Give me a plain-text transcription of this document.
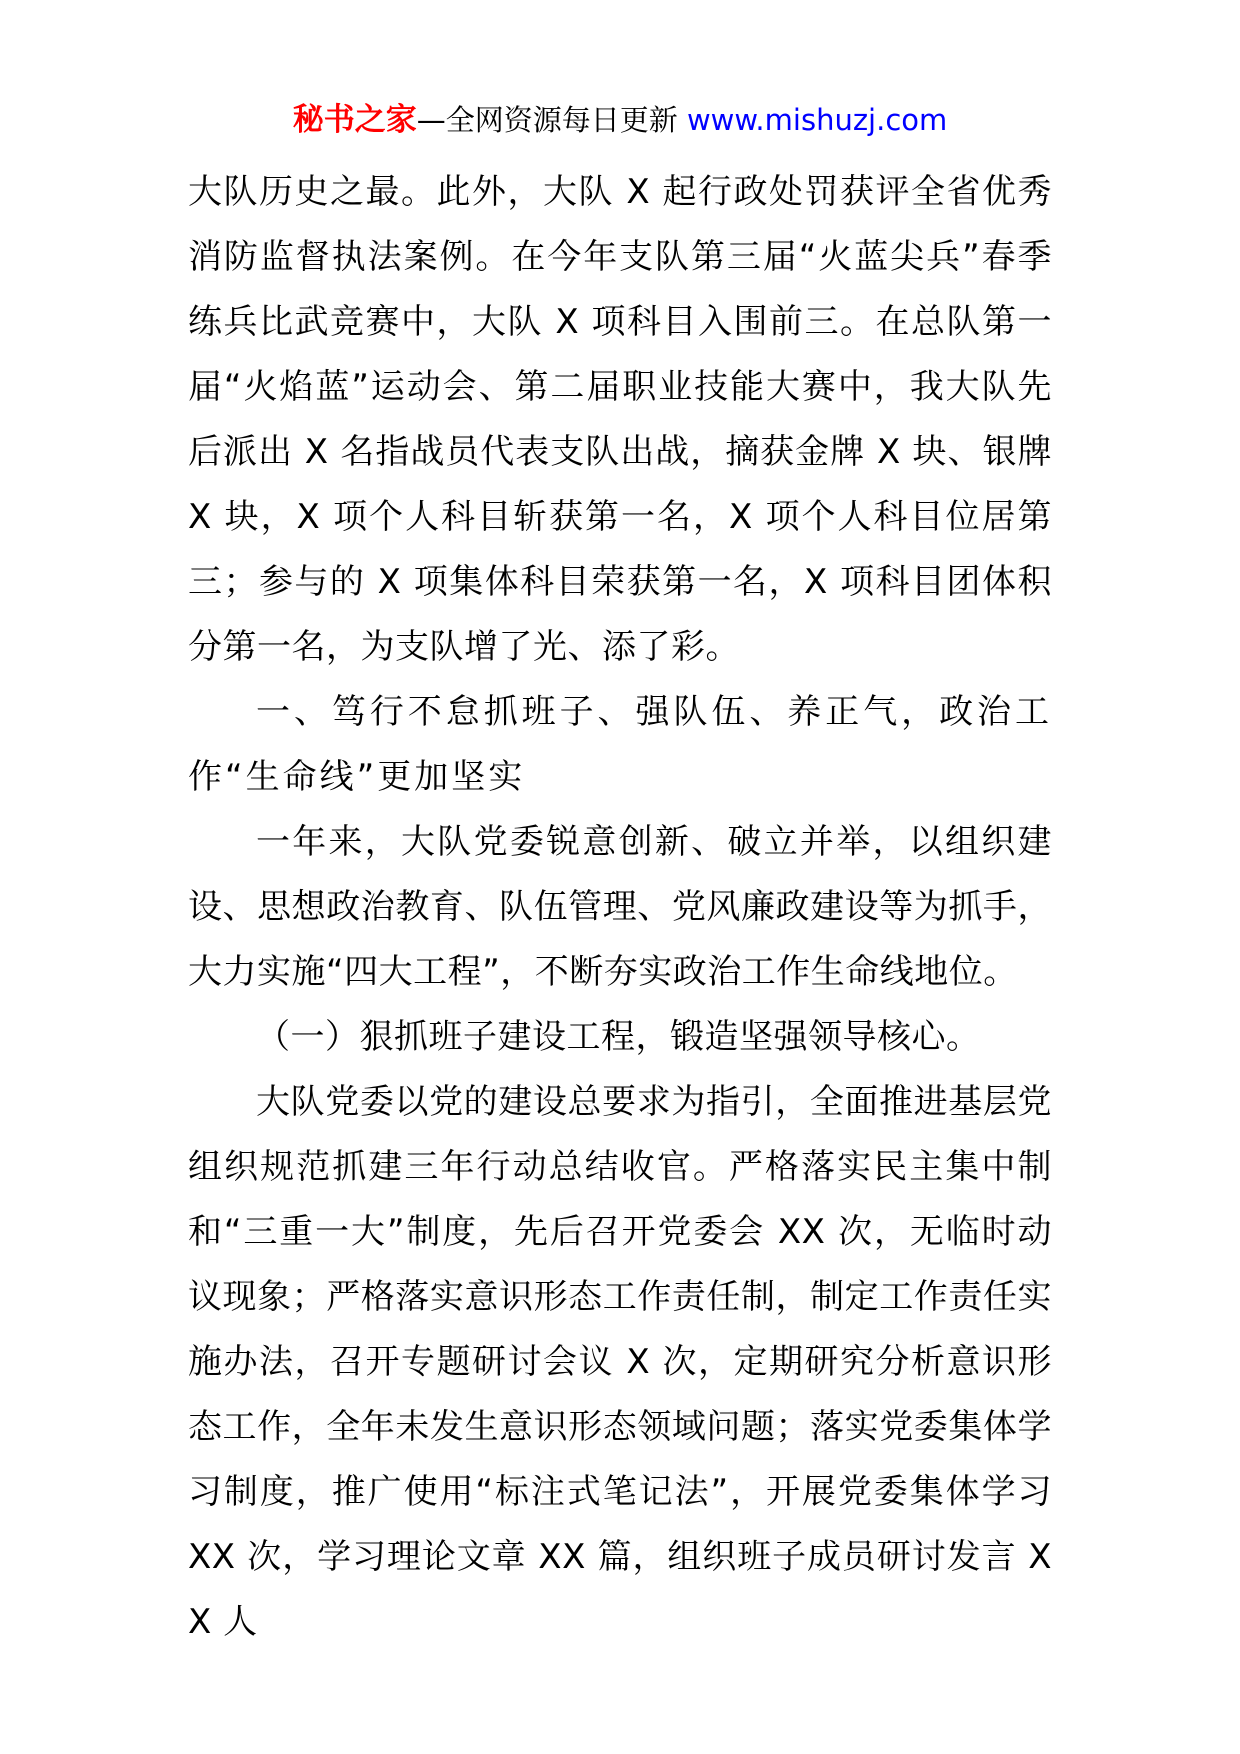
秘书之家—全网资源每日更新 www.mishuzj.com

大队历史之最。此外，大队 X 起行政处罚获评全省优秀消防监督执法案例。在今年支队第三届“火蓝尖兵”春季练兵比武竞赛中，大队 X 项科目入围前三。在总队第一届“火焰蓝”运动会、第二届职业技能大赛中，我大队先后派出 X 名指战员代表支队出战，摘获金牌 X 块、银牌 X 块，X 项个人科目斩获第一名，X 项个人科目位居第三；参与的 X 项集体科目荣获第一名，X 项科目团体积分第一名，为支队增了光、添了彩。

一、笃行不怠抓班子、强队伍、养正气，政治工作“生命线”更加坚实

一年来，大队党委锐意创新、破立并举，以组织建设、思想政治教育、队伍管理、党风廉政建设等为抓手，大力实施“四大工程”，不断夯实政治工作生命线地位。

（一）狠抓班子建设工程，锻造坚强领导核心。

大队党委以党的建设总要求为指引，全面推进基层党组织规范抓建三年行动总结收官。严格落实民主集中制和“三重一大”制度，先后召开党委会 XX 次，无临时动议现象；严格落实意识形态工作责任制，制定工作责任实施办法，召开专题研讨会议 X 次，定期研究分析意识形态工作，全年未发生意识形态领域问题；落实党委集体学习制度，推广使用“标注式笔记法”，开展党委集体学习 XX 次，学习理论文章 XX 篇，组织班子成员研讨发言 XX 人
